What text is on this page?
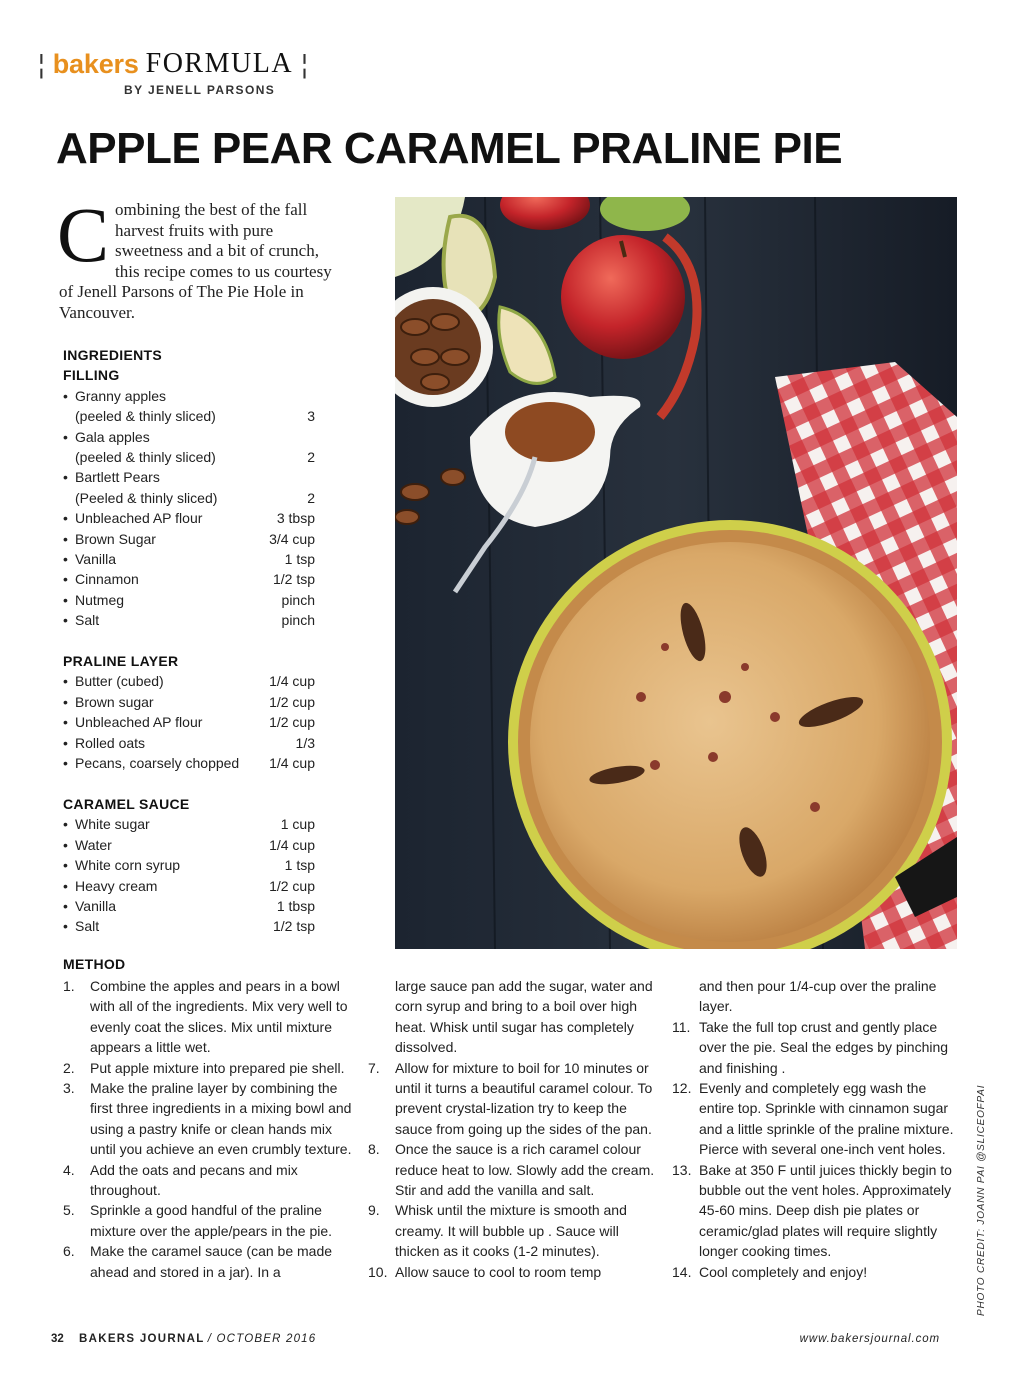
¦ bakers FORMULA ¦
BY JENELL PARSONS
APPLE PEAR CARAMEL PRALINE PIE
Combining the best of the fall harvest fruits with pure sweetness and a bit of crunch, this recipe comes to us courtesy of Jenell Parsons of The Pie Hole in Vancouver.
INGREDIENTS
FILLING
• Granny apples
(peeled & thinly sliced)	3
• Gala apples
(peeled & thinly sliced)	2
• Bartlett Pears
(Peeled & thinly sliced)	2
• Unbleached AP flour	3 tbsp
• Brown Sugar	3/4 cup
• Vanilla	1 tsp
• Cinnamon	1/2 tsp
• Nutmeg	pinch
• Salt	pinch
PRALINE LAYER
• Butter (cubed)	1/4 cup
• Brown sugar	1/2 cup
• Unbleached AP flour	1/2 cup
• Rolled oats	1/3
• Pecans, coarsely chopped 1/4 cup
CARAMEL SAUCE
• White sugar	1 cup
• Water	1/4 cup
• White corn syrup	1 tsp
• Heavy cream	1/2 cup
• Vanilla	1 tbsp
• Salt	1/2 tsp
METHOD
1. Combine the apples and pears in a bowl with all of the ingredients. Mix very well to evenly coat the slices. Mix until mixture appears a little wet.
2. Put apple mixture into prepared pie shell.
3. Make the praline layer by combining the first three ingredients in a mixing bowl and using a pastry knife or clean hands mix until you achieve an even crumbly texture.
4. Add the oats and pecans and mix throughout.
5. Sprinkle a good handful of the praline mixture over the apple/pears in the pie.
6. Make the caramel sauce (can be made ahead and stored in a jar). In a
large sauce pan add the sugar, water and corn syrup and bring to a boil over high heat. Whisk until sugar has completely dissolved.
7. Allow for mixture to boil for 10 minutes or until it turns a beautiful caramel colour. To prevent crystal-lization try to keep the sauce from going up the sides of the pan.
8. Once the sauce is a rich caramel colour reduce heat to low. Slowly add the cream. Stir and add the vanilla and salt.
9. Whisk until the mixture is smooth and creamy. It will bubble up . Sauce will thicken as it cooks (1-2 minutes).
10. Allow sauce to cool to room temp
and then pour 1/4-cup over the praline layer.
11. Take the full top crust and gently place over the pie. Seal the edges by pinching and finishing .
12. Evenly and completely egg wash the entire top. Sprinkle with cinnamon sugar and a little sprinkle of the praline mixture. Pierce with several one-inch vent holes.
13. Bake at 350 F until juices thickly begin to bubble out the vent holes. Approximately 45-60 mins. Deep dish pie plates or ceramic/glad plates will require slightly longer cooking times.
14. Cool completely and enjoy!	PHOTO CREDIT: JOANN PAI @SLICEOFPAI
32 BAKERS JOURNAL / OCTOBER 2016	www.bakersjournal.com
